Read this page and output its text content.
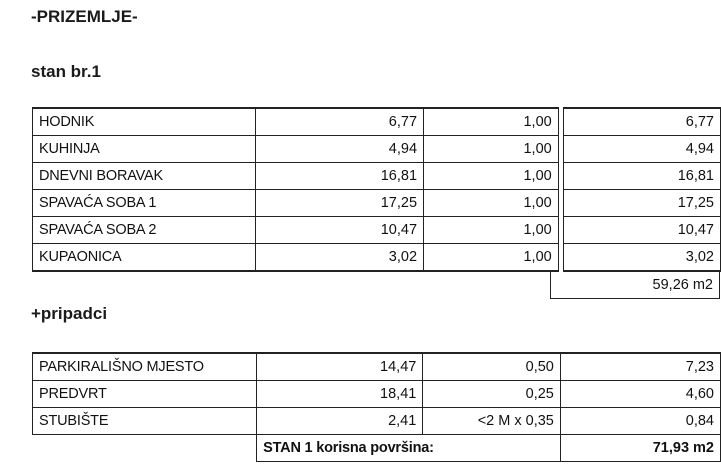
-PRIZEMLJE-
stan br.1
HODNIK	6,77	1,00		6,77
KUHINJA	4,94	1,00		4,94
DNEVNI BORAVAK	16,81	1,00		16,81
SPAVAĆA SOBA 1	17,25	1,00		17,25
SPAVAĆA SOBA 2	10,47	1,00		10,47
KUPAONICA	3,02	1,00		3,02
59,26 m2
+pripadci
PARKIRALIŠNO MJESTO	14,47	0,50	7,23
PREDVRT	18,41	0,25	4,60
STUBIŠTE	2,41	<2 M x 0,35	0,84
	STAN 1 korisna površina:		71,93 m2
